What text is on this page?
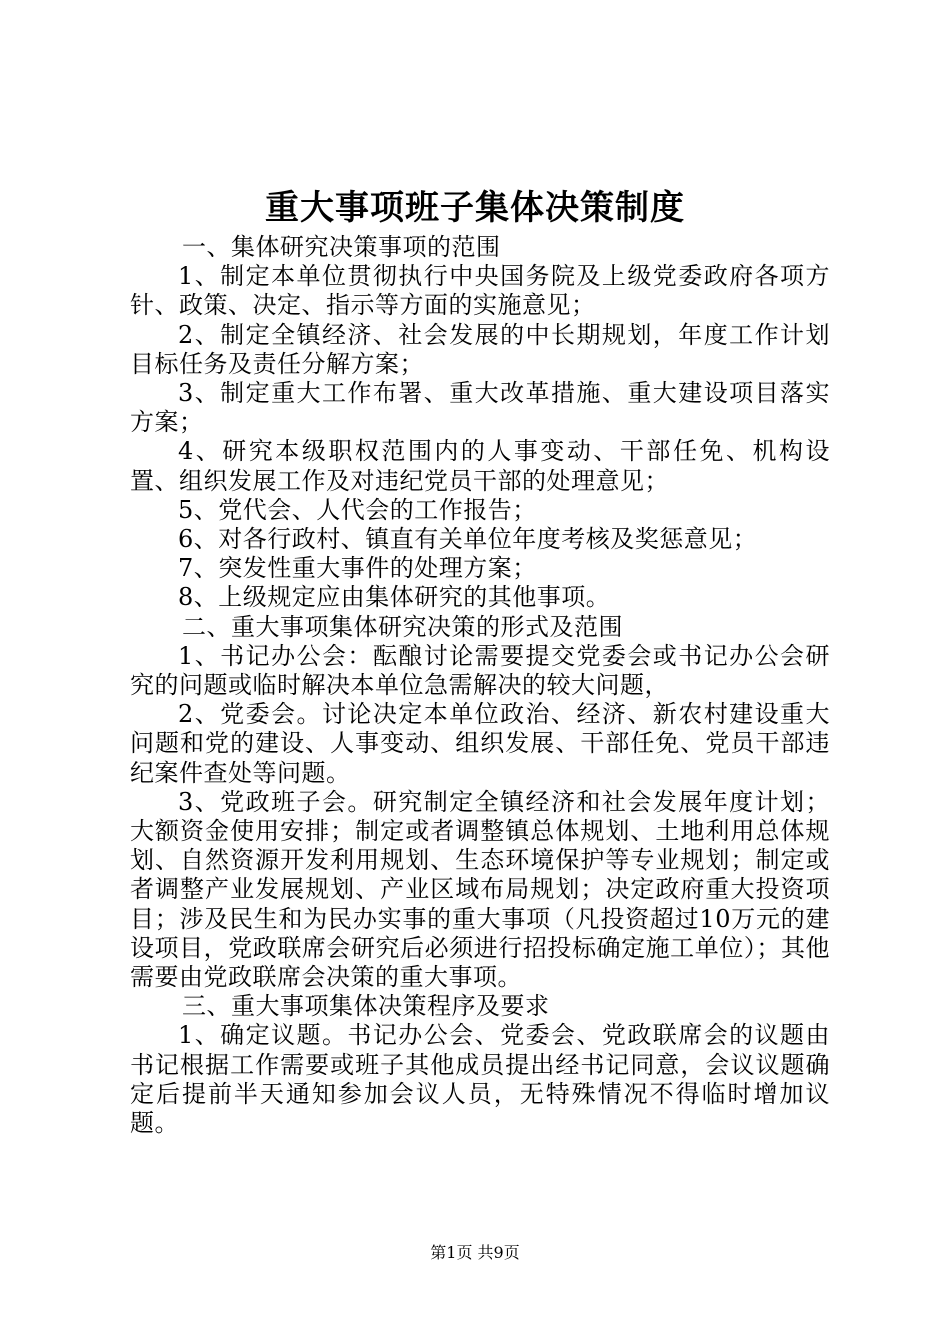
重大事项班子集体决策制度

一、集体研究决策事项的范围

1、制定本单位贯彻执行中央国务院及上级党委政府各项方针、政策、决定、指示等方面的实施意见；

2、制定全镇经济、社会发展的中长期规划，年度工作计划目标任务及责任分解方案；

3、制定重大工作布署、重大改革措施、重大建设项目落实方案；

4、研究本级职权范围内的人事变动、干部任免、机构设置、组织发展工作及对违纪党员干部的处理意见；

5、党代会、人代会的工作报告；

6、对各行政村、镇直有关单位年度考核及奖惩意见；

7、突发性重大事件的处理方案；

8、上级规定应由集体研究的其他事项。

二、重大事项集体研究决策的形式及范围

1、书记办公会：酝酿讨论需要提交党委会或书记办公会研究的问题或临时解决本单位急需解决的较大问题，

2、党委会。讨论决定本单位政治、经济、新农村建设重大问题和党的建设、人事变动、组织发展、干部任免、党员干部违纪案件查处等问题。

3、党政班子会。研究制定全镇经济和社会发展年度计划；大额资金使用安排；制定或者调整镇总体规划、土地利用总体规划、自然资源开发利用规划、生态环境保护等专业规划；制定或者调整产业发展规划、产业区域布局规划；决定政府重大投资项目；涉及民生和为民办实事的重大事项（凡投资超过10万元的建设项目，党政联席会研究后必须进行招投标确定施工单位）；其他需要由党政联席会决策的重大事项。

三、重大事项集体决策程序及要求

1、确定议题。书记办公会、党委会、党政联席会的议题由书记根据工作需要或班子其他成员提出经书记同意，会议议题确定后提前半天通知参加会议人员，无特殊情况不得临时增加议题。

第1页 共9页
